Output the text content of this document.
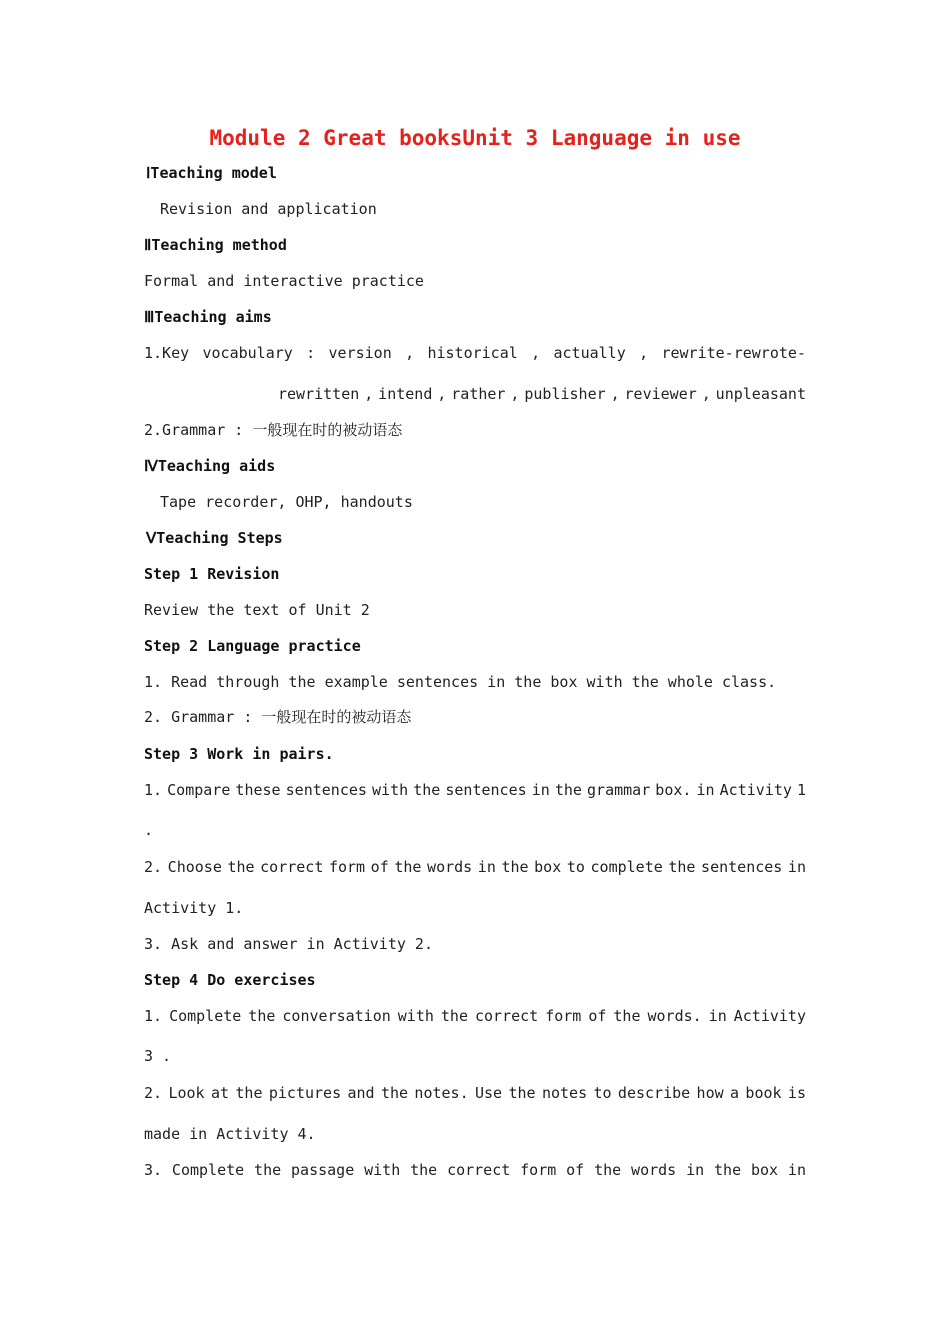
Module 2 Great booksUnit 3 Language in use
ⅠTeaching model
Revision and application
ⅡTeaching method
Formal and interactive practice
ⅢTeaching aims
1.Key vocabulary : version , historical , actually , rewrite-rewrote-
rewritten , intend , rather , publisher , reviewer , unpleasant
2.Grammar : 一般现在时的被动语态
ⅣTeaching aids
Tape recorder, OHP, handouts
ⅤTeaching Steps
Step 1 Revision
Review the text of Unit 2
Step 2 Language practice
1. Read through the example sentences in the box with the whole class.
2. Grammar : 一般现在时的被动语态
Step 3 Work in pairs.
1. Compare these sentences with the sentences in the grammar box. in Activity 1
.
2. Choose the correct form of the words in the box to complete the sentences in
Activity 1.
3. Ask and answer in Activity 2.
Step 4 Do exercises
1. Complete the conversation with the correct form of the words. in Activity
3 .
2. Look at the pictures and the notes. Use the notes to describe how a book is
made in Activity 4.
3. Complete the passage with the correct form of the words in the box in
